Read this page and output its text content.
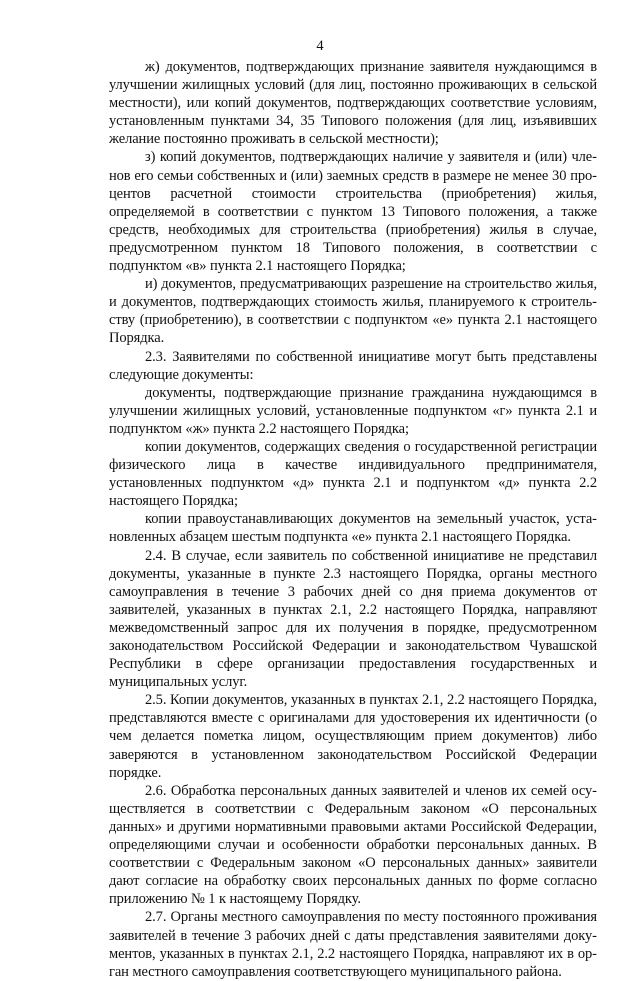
4

ж) документов, подтверждающих признание заявителя нуждающимся в улучшении жилищных условий (для лиц, постоянно проживающих в сельской местности), или копий документов, подтверждающих соответствие условиям, установленным пунктами 34, 35 Типового положения (для лиц, изъявивших желание постоянно проживать в сельской местности);

з) копий документов, подтверждающих наличие у заявителя и (или) членов его семьи собственных и (или) заемных средств в размере не менее 30 процентов расчетной стоимости строительства (приобретения) жилья, определяемой в соответствии с пунктом 13 Типового положения, а также средств, необходимых для строительства (приобретения) жилья в случае, предусмотренном пунктом 18 Типового положения, в соответствии с подпунктом «в» пункта 2.1 настоящего Порядка;

и) документов, предусматривающих разрешение на строительство жилья, и документов, подтверждающих стоимость жилья, планируемого к строительству (приобретению), в соответствии с подпунктом «е» пункта 2.1 настоящего Порядка.

2.3. Заявителями по собственной инициативе могут быть представлены следующие документы:

документы, подтверждающие признание гражданина нуждающимся в улучшении жилищных условий, установленные подпунктом «г» пункта 2.1 и подпунктом «ж» пункта 2.2 настоящего Порядка;

копии документов, содержащих сведения о государственной регистрации физического лица в качестве индивидуального предпринимателя, установленных подпунктом «д» пункта 2.1 и подпунктом «д» пункта 2.2 настоящего Порядка;

копии правоустанавливающих документов на земельный участок, установленных абзацем шестым подпункта «е» пункта 2.1 настоящего Порядка.

2.4. В случае, если заявитель по собственной инициативе не представил документы, указанные в пункте 2.3 настоящего Порядка, органы местного самоуправления в течение 3 рабочих дней со дня приема документов от заявителей, указанных в пунктах 2.1, 2.2 настоящего Порядка, направляют межведомственный запрос для их получения в порядке, предусмотренном законодательством Российской Федерации и законодательством Чувашской Республики в сфере организации предоставления государственных и муниципальных услуг.

2.5. Копии документов, указанных в пунктах 2.1, 2.2 настоящего Порядка, представляются вместе с оригиналами для удостоверения их идентичности (о чем делается пометка лицом, осуществляющим прием документов) либо заверяются в установленном законодательством Российской Федерации порядке.

2.6. Обработка персональных данных заявителей и членов их семей осуществляется в соответствии с Федеральным законом «О персональных данных» и другими нормативными правовыми актами Российской Федерации, определяющими случаи и особенности обработки персональных данных. В соответствии с Федеральным законом «О персональных данных» заявители дают согласие на обработку своих персональных данных по форме согласно приложению № 1 к настоящему Порядку.

2.7. Органы местного самоуправления по месту постоянного проживания заявителей в течение 3 рабочих дней с даты представления заявителями документов, указанных в пунктах 2.1, 2.2 настоящего Порядка, направляют их в орган местного самоуправления соответствующего муниципального района.
